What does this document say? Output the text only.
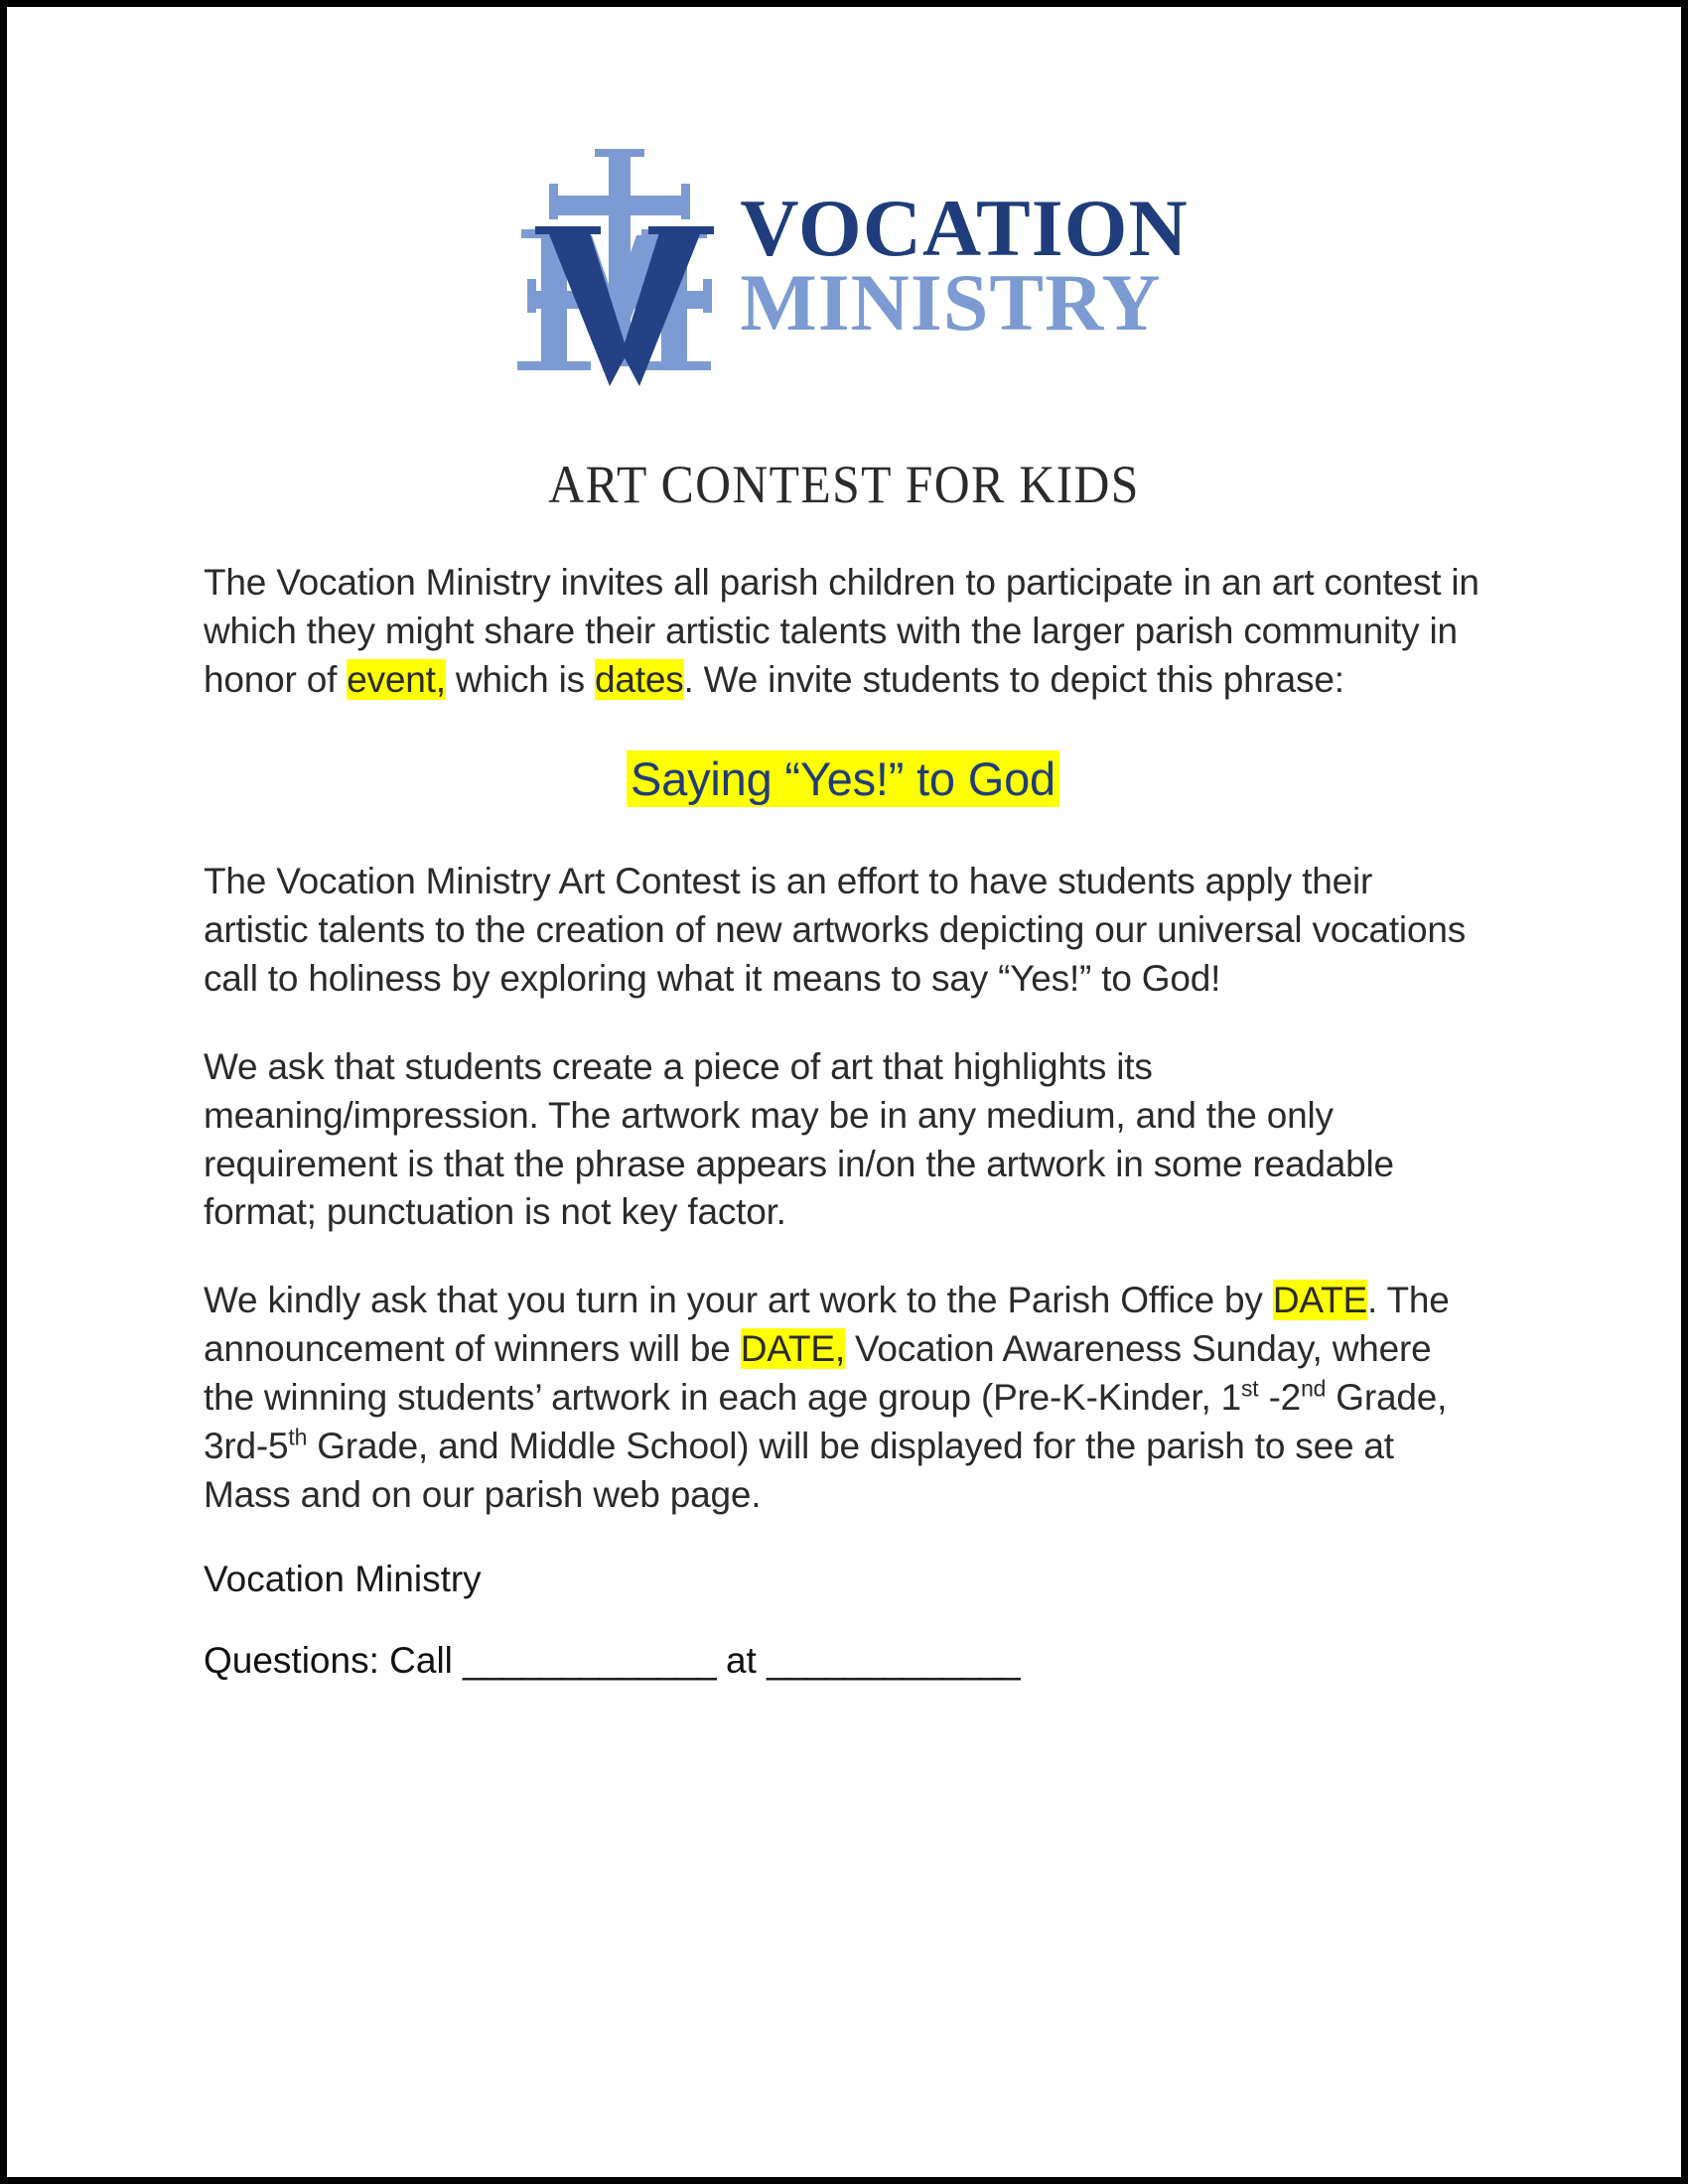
VOCATION
MINISTRY
ART CONTEST FOR KIDS

The Vocation Ministry invites all parish children to participate in an art contest in which they might share their artistic talents with the larger parish community in honor of event, which is dates. We invite students to depict this phrase:

Saying “Yes!” to God

The Vocation Ministry Art Contest is an effort to have students apply their artistic talents to the creation of new artworks depicting our universal vocations call to holiness by exploring what it means to say “Yes!” to God!

We ask that students create a piece of art that highlights its meaning/impression. The artwork may be in any medium, and the only requirement is that the phrase appears in/on the artwork in some readable format; punctuation is not key factor.

We kindly ask that you turn in your art work to the Parish Office by DATE. The announcement of winners will be DATE, Vocation Awareness Sunday, where the winning students’ artwork in each age group (Pre-K-Kinder, 1st -2nd Grade, 3rd-5th Grade, and Middle School) will be displayed for the parish to see at Mass and on our parish web page.

Vocation Ministry

Questions: Call _____________ at _____________
